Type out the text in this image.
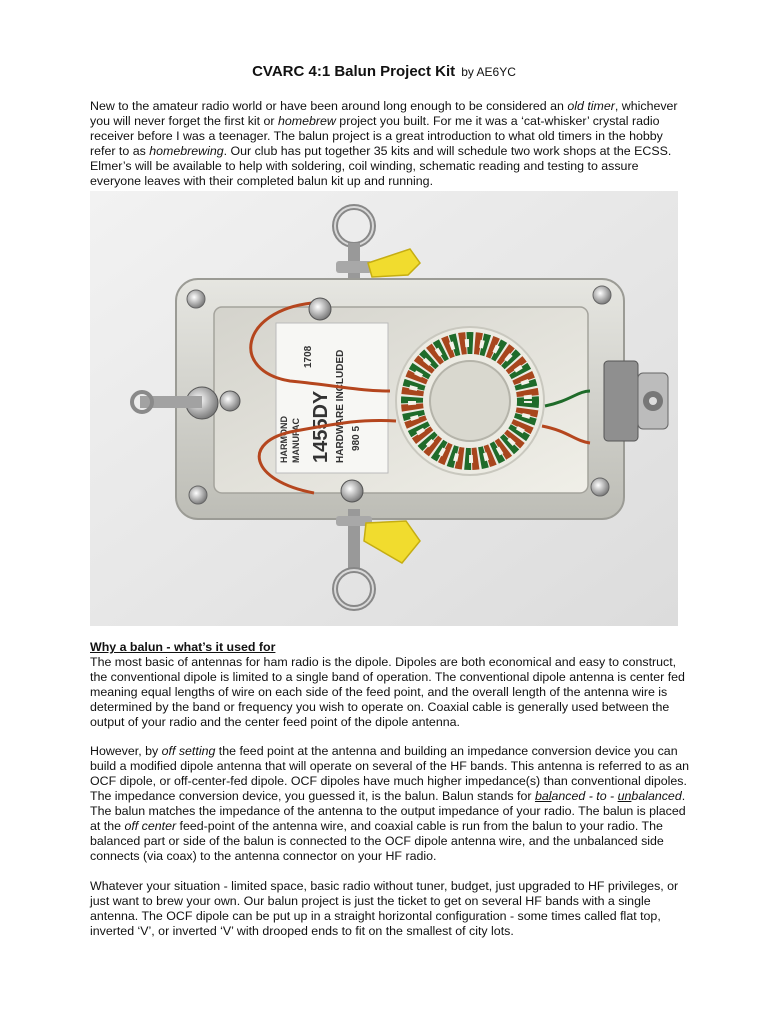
CVARC 4:1 Balun Project Kit by AE6YC

New to the amateur radio world or have been around long enough to be considered an old timer, whichever you will never forget the first kit or homebrew project you built. For me it was a ‘cat-whisker’ crystal radio receiver before I was a teenager. The balun project is a great introduction to what old timers in the hobby refer to as homebrewing. Our club has put together 35 kits and will schedule two work shops at the ECSS. Elmer’s will be available to help with soldering, coil winding, schematic reading and testing to assure everyone leaves with their completed balun kit up and running.

HARMOND MANUFAC 1455DY HARDWARE INCLUDED
1708
980 5
Why a balun - what’s it used for

The most basic of antennas for ham radio is the dipole. Dipoles are both economical and easy to construct, the conventional dipole is limited to a single band of operation. The conventional dipole antenna is center fed meaning equal lengths of wire on each side of the feed point, and the overall length of the antenna wire is determined by the band or frequency you wish to operate on. Coaxial cable is generally used between the output of your radio and the center feed point of the dipole antenna.

However, by off setting the feed point at the antenna and building an impedance conversion device you can build a modified dipole antenna that will operate on several of the HF bands. This antenna is referred to as an OCF dipole, or off-center-fed dipole. OCF dipoles have much higher impedance(s) than conventional dipoles. The impedance conversion device, you guessed it, is the balun. Balun stands for balanced - to - unbalanced. The balun matches the impedance of the antenna to the output impedance of your radio. The balun is placed at the off center feed-point of the antenna wire, and coaxial cable is run from the balun to your radio. The balanced part or side of the balun is connected to the OCF dipole antenna wire, and the unbalanced side connects (via coax) to the antenna connector on your HF radio.

Whatever your situation - limited space, basic radio without tuner, budget, just upgraded to HF privileges, or just want to brew your own. Our balun project is just the ticket to get on several HF bands with a single antenna. The OCF dipole can be put up in a straight horizontal configuration - some times called flat top, inverted ‘V’, or inverted ‘V’ with drooped ends to fit on the smallest of city lots.
